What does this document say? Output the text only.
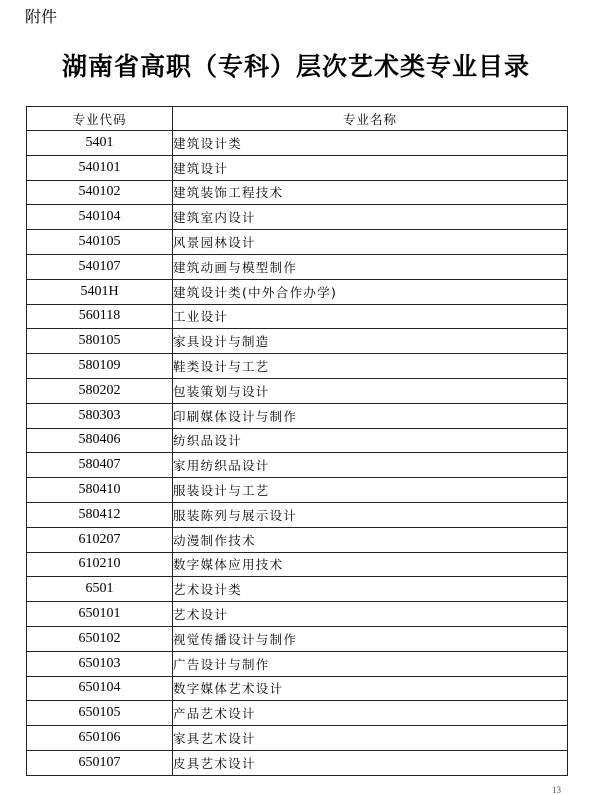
附件
湖南省高职（专科）层次艺术类专业目录
专业代码	专业名称
5401	建筑设计类
540101	建筑设计
540102	建筑装饰工程技术
540104	建筑室内设计
540105	风景园林设计
540107	建筑动画与模型制作
5401H	建筑设计类(中外合作办学)
560118	工业设计
580105	家具设计与制造
580109	鞋类设计与工艺
580202	包装策划与设计
580303	印刷媒体设计与制作
580406	纺织品设计
580407	家用纺织品设计
580410	服装设计与工艺
580412	服装陈列与展示设计
610207	动漫制作技术
610210	数字媒体应用技术
6501	艺术设计类
650101	艺术设计
650102	视觉传播设计与制作
650103	广告设计与制作
650104	数字媒体艺术设计
650105	产品艺术设计
650106	家具艺术设计
650107	皮具艺术设计
13
